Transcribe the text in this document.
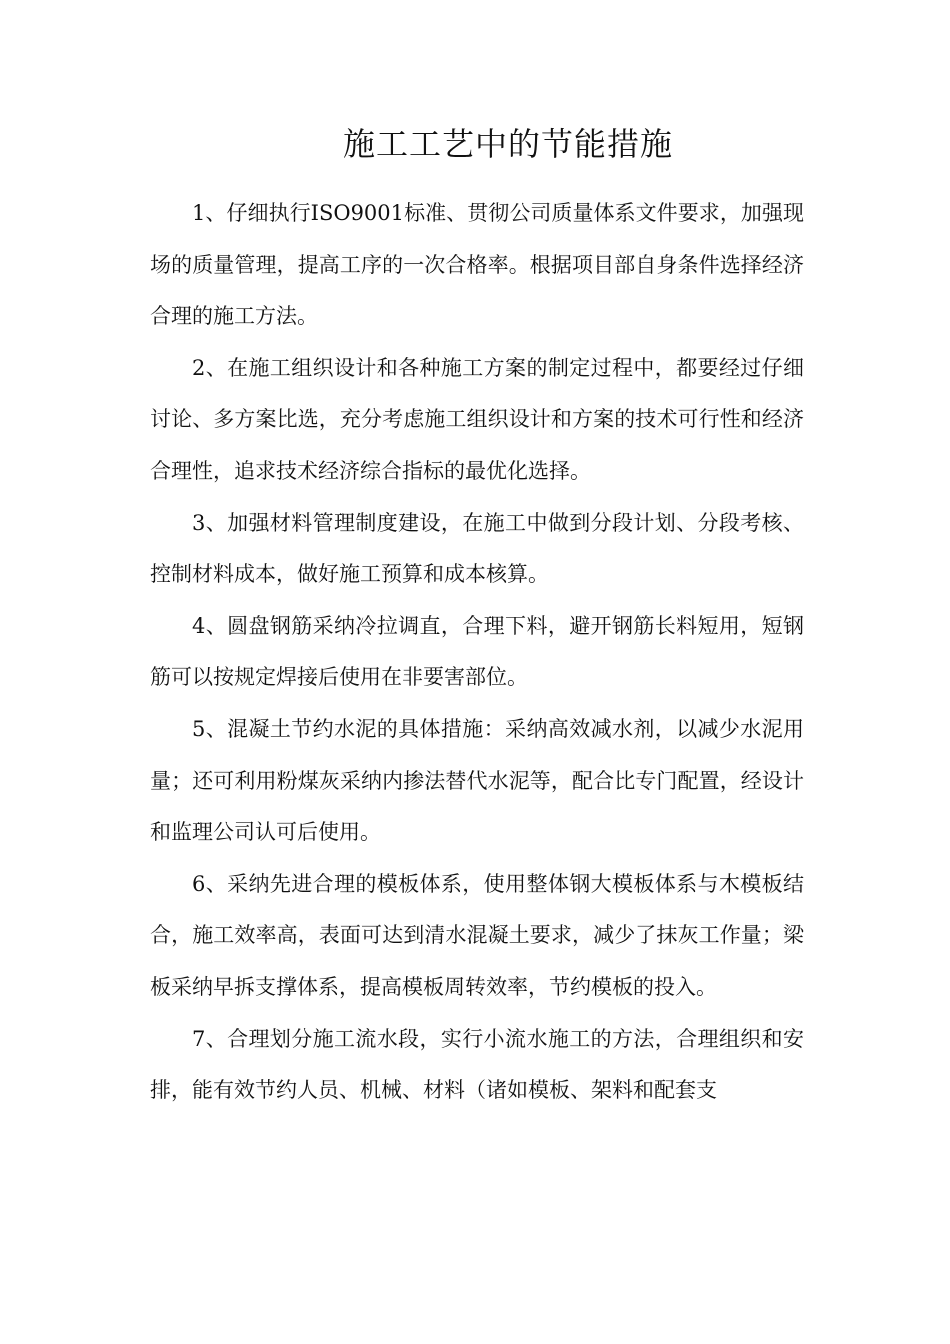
施工工艺中的节能措施

1、仔细执行ISO9001标准、贯彻公司质量体系文件要求，加强现场的质量管理，提高工序的一次合格率。根据项目部自身条件选择经济合理的施工方法。

2、在施工组织设计和各种施工方案的制定过程中，都要经过仔细讨论、多方案比选，充分考虑施工组织设计和方案的技术可行性和经济合理性，追求技术经济综合指标的最优化选择。

3、加强材料管理制度建设，在施工中做到分段计划、分段考核、控制材料成本，做好施工预算和成本核算。

4、圆盘钢筋采纳冷拉调直，合理下料，避开钢筋长料短用，短钢筋可以按规定焊接后使用在非要害部位。

5、混凝土节约水泥的具体措施：采纳高效减水剂，以减少水泥用量；还可利用粉煤灰采纳内掺法替代水泥等，配合比专门配置，经设计和监理公司认可后使用。

6、采纳先进合理的模板体系，使用整体钢大模板体系与木模板结合，施工效率高，表面可达到清水混凝土要求，减少了抹灰工作量；梁板采纳早拆支撑体系，提高模板周转效率，节约模板的投入。

7、合理划分施工流水段，实行小流水施工的方法，合理组织和安排，能有效节约人员、机械、材料（诸如模板、架料和配套支
